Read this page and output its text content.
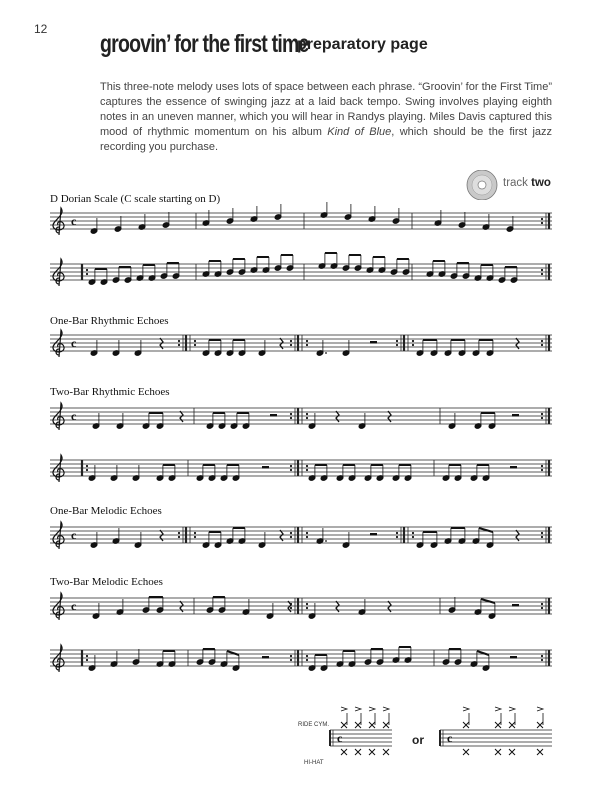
12
groovin’ for the first time
preparatory page
This three-note melody uses lots of space between each phrase. “Groovin’ for the First Time” captures the essence of swinging jazz at a laid back tempo. Swing involves playing eighth notes in an uneven manner, which you will hear in Randys playing. Miles Davis captured this mood of rhythmic momentum on his album Kind of Blue, which should be the first jazz recording you purchase.
track two
D Dorian Scale (C scale starting on D)
One-Bar Rhythmic Echoes
Two-Bar Rhythmic Echoes
One-Bar Melodic Echoes
Two-Bar Melodic Echoes
c
c
c
c
c
c	c
RIDE CYM.
HI-HAT
or
